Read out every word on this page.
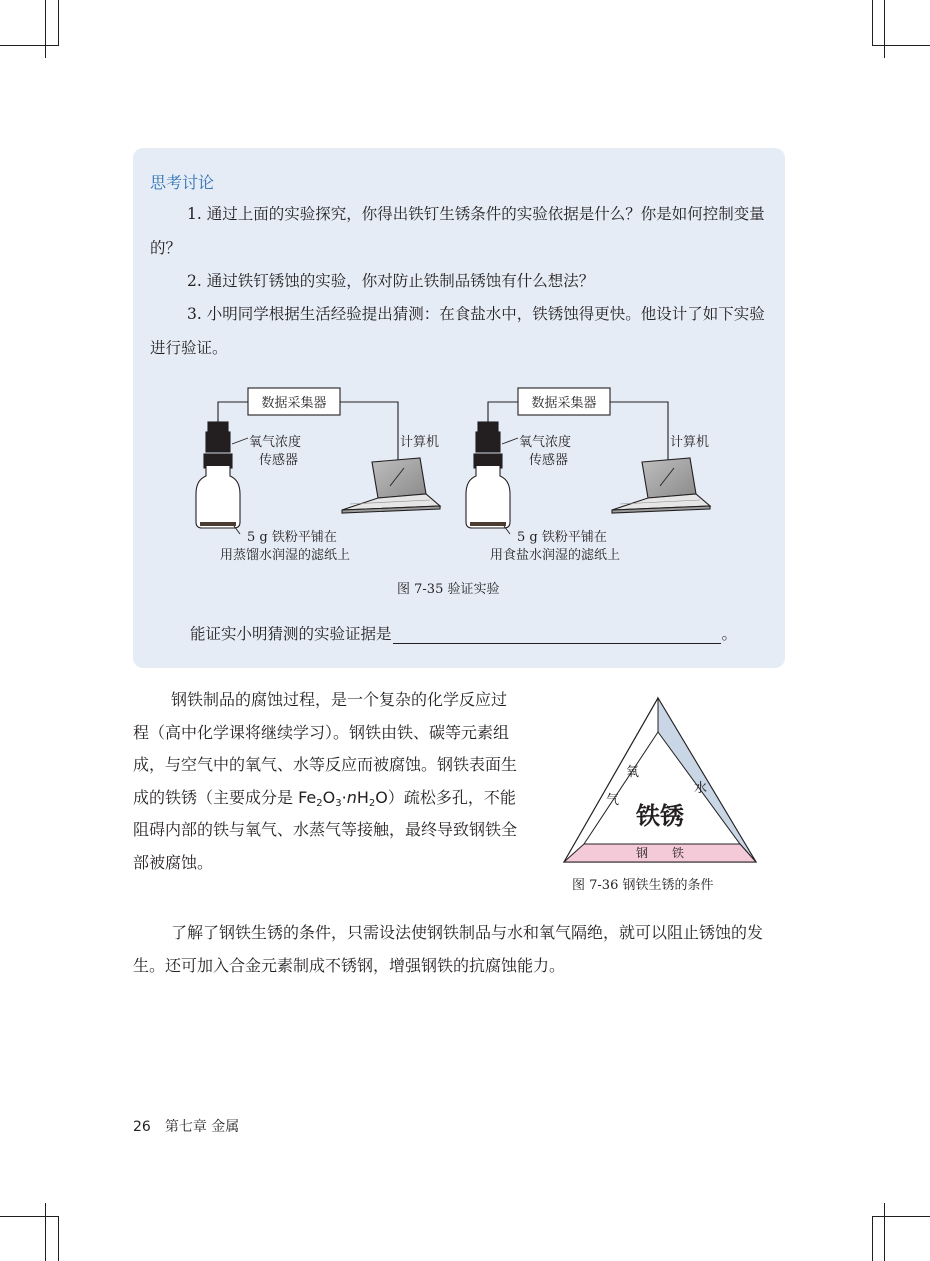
思考讨论

1. 通过上面的实验探究，你得出铁钉生锈条件的实验依据是什么？你是如何控制变量的？

2. 通过铁钉锈蚀的实验，你对防止铁制品锈蚀有什么想法？

3. 小明同学根据生活经验提出猜测：在食盐水中，铁锈蚀得更快。他设计了如下实验进行验证。

数据采集器
氧气浓度
传感器
计算机
5 g 铁粉平铺在
用蒸馏水润湿的滤纸上
数据采集器
氧气浓度
传感器
计算机
5 g 铁粉平铺在
用食盐水润湿的滤纸上
图 7-35 验证实验
能证实小明猜测的实验证据是	。

钢铁制品的腐蚀过程，是一个复杂的化学反应过程（高中化学课将继续学习）。钢铁由铁、碳等元素组成，与空气中的氧气、水等反应而被腐蚀。钢铁表面生成的铁锈（主要成分是 $Fe_2O_3\cdot nH_2O$）疏松多孔，不能阻碍内部的铁与氧气、水蒸气等接触，最终导致钢铁全部被腐蚀。

氧
气
水
铁锈
钢 铁
图 7-36 钢铁生锈的条件

了解了钢铁生锈的条件，只需设法使钢铁制品与水和氧气隔绝，就可以阻止锈蚀的发生。还可加入合金元素制成不锈钢，增强钢铁的抗腐蚀能力。

26 第七章 金属
